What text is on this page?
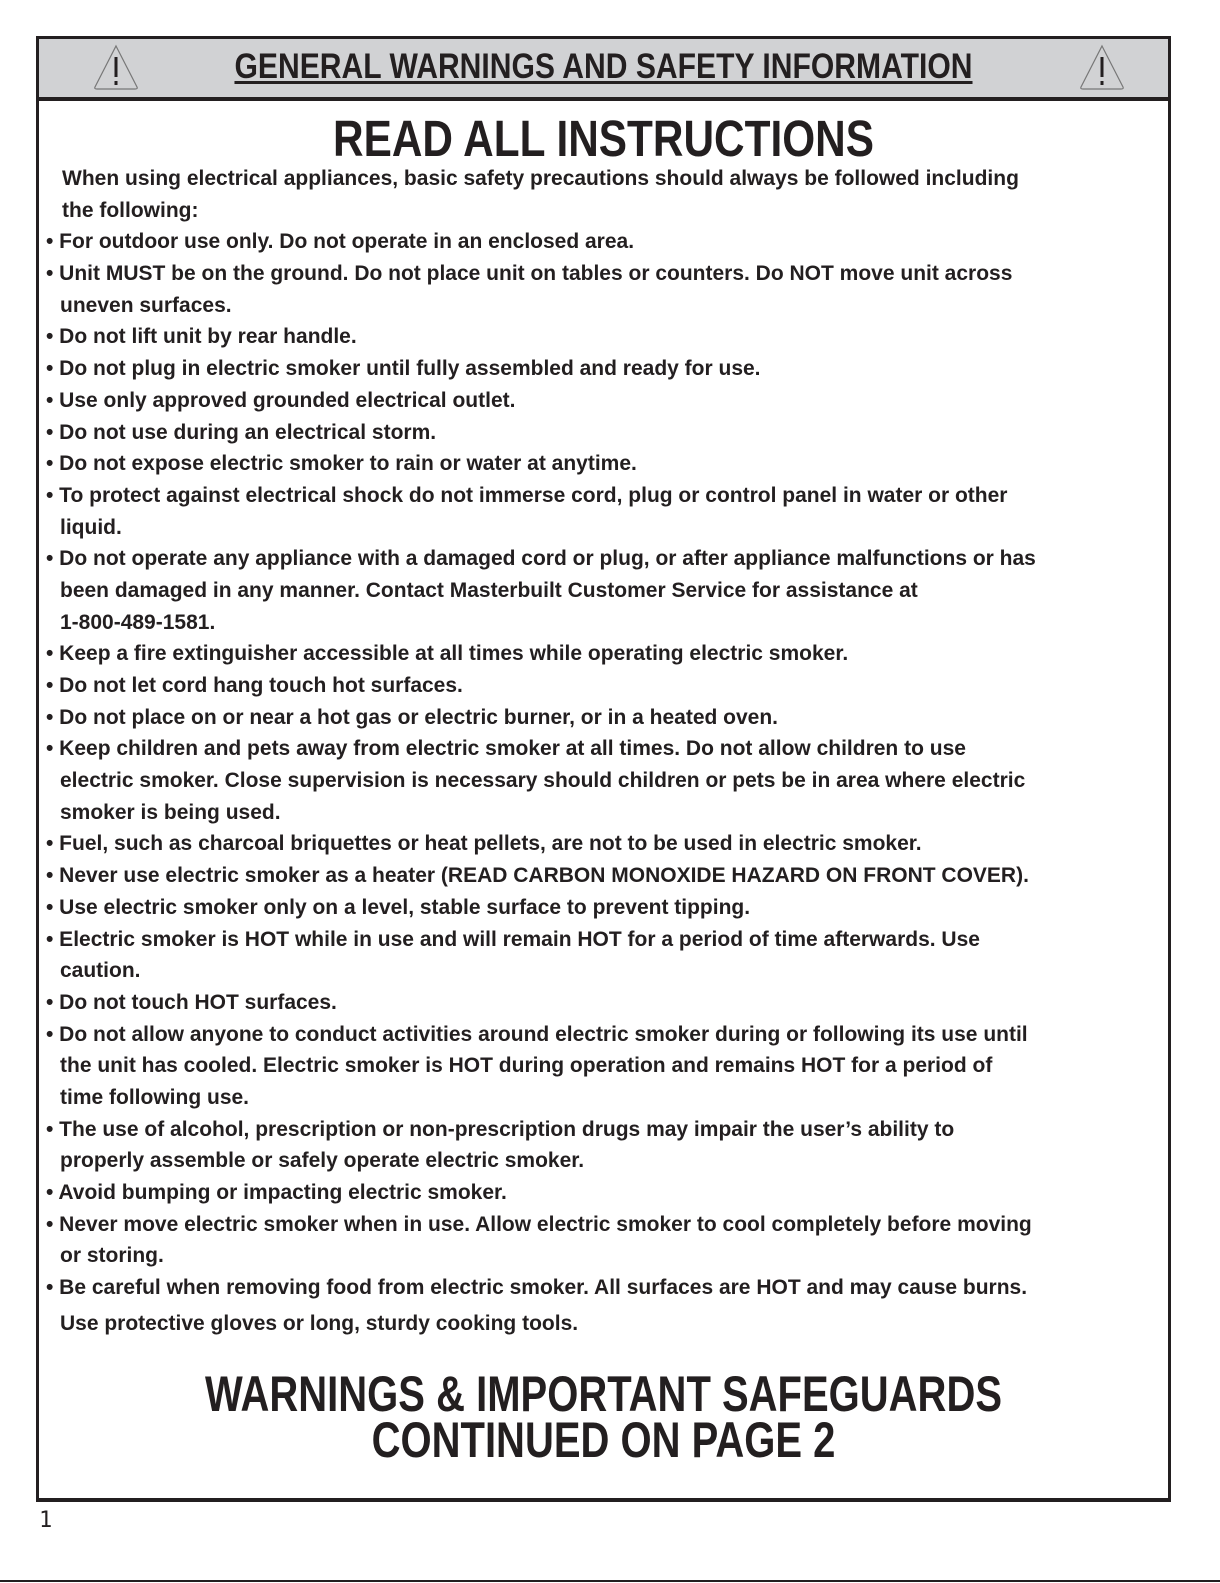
GENERAL WARNINGS AND SAFETY INFORMATION
READ ALL INSTRUCTIONS
When using electrical appliances, basic safety precautions should always be followed including
the following:
• For outdoor use only. Do not operate in an enclosed area.
• Unit MUST be on the ground. Do not place unit on tables or counters. Do NOT move unit across
uneven surfaces.
• Do not lift unit by rear handle.
• Do not plug in electric smoker until fully assembled and ready for use.
• Use only approved grounded electrical outlet.
• Do not use during an electrical storm.
• Do not expose electric smoker to rain or water at anytime.
• To protect against electrical shock do not immerse cord, plug or control panel in water or other
liquid.
• Do not operate any appliance with a damaged cord or plug, or after appliance malfunctions or has
been damaged in any manner. Contact Masterbuilt Customer Service for assistance at
1-800-489-1581.
• Keep a fire extinguisher accessible at all times while operating electric smoker.
• Do not let cord hang touch hot surfaces.
• Do not place on or near a hot gas or electric burner, or in a heated oven.
• Keep children and pets away from electric smoker at all times. Do not allow children to use
electric smoker. Close supervision is necessary should children or pets be in area where electric
smoker is being used.
• Fuel, such as charcoal briquettes or heat pellets, are not to be used in electric smoker.
• Never use electric smoker as a heater (READ CARBON MONOXIDE HAZARD ON FRONT COVER).
• Use electric smoker only on a level, stable surface to prevent tipping.
• Electric smoker is HOT while in use and will remain HOT for a period of time afterwards. Use
caution.
• Do not touch HOT surfaces.
• Do not allow anyone to conduct activities around electric smoker during or following its use until
the unit has cooled. Electric smoker is HOT during operation and remains HOT for a period of
time following use.
• The use of alcohol, prescription or non-prescription drugs may impair the user’s ability to
properly assemble or safely operate electric smoker.
• Avoid bumping or impacting electric smoker.
• Never move electric smoker when in use. Allow electric smoker to cool completely before moving
or storing.
• Be careful when removing food from electric smoker. All surfaces are HOT and may cause burns.
Use protective gloves or long, sturdy cooking tools.
WARNINGS & IMPORTANT SAFEGUARDS
CONTINUED ON PAGE 2
1
